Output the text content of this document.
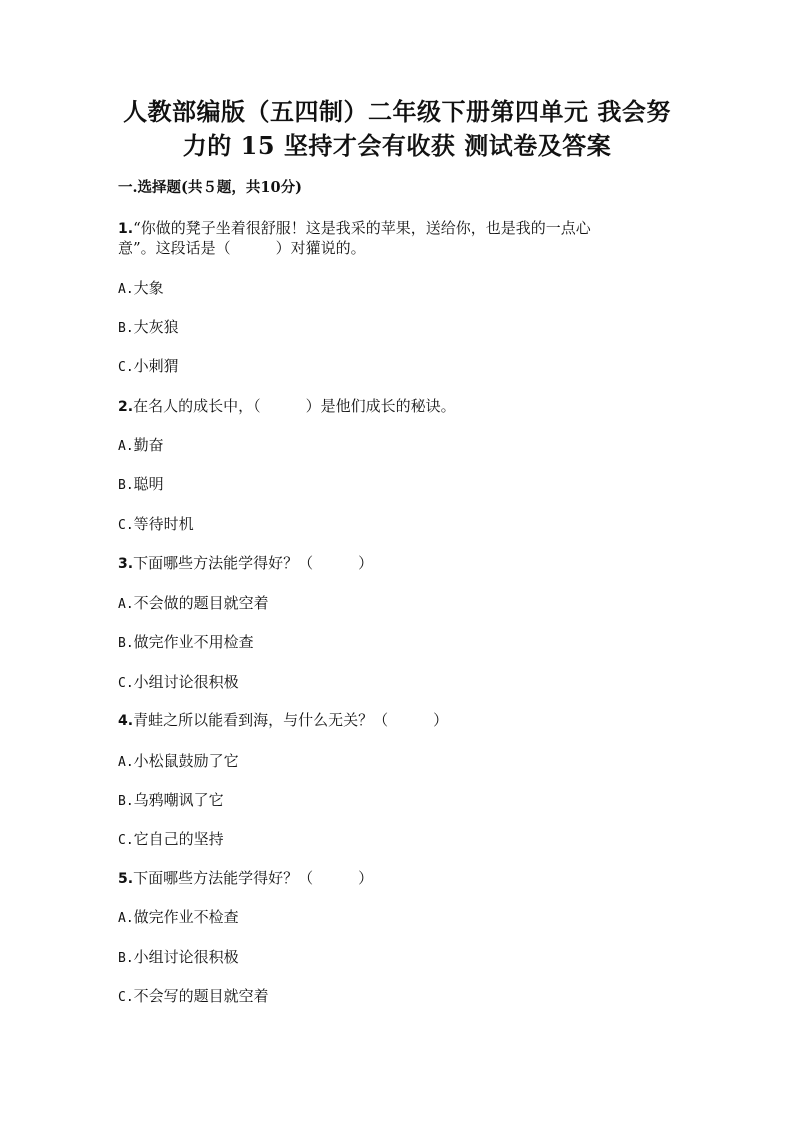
人教部编版（五四制）二年级下册第四单元 我会努
力的 15 坚持才会有收获 测试卷及答案
一.选择题(共５题，共10分)
1.“你做的凳子坐着很舒服！这是我采的苹果，送给你，也是我的一点心
意”。这段话是（　　　）对獾说的。
A.大象
B.大灰狼
C.小刺猬
2.在名人的成长中，（　　　）是他们成长的秘诀。
A.勤奋
B.聪明
C.等待时机
3.下面哪些方法能学得好？（　　　）
A.不会做的题目就空着
B.做完作业不用检查
C.小组讨论很积极
4.青蛙之所以能看到海，与什么无关？（　　　）
A.小松鼠鼓励了它
B.乌鸦嘲讽了它
C.它自己的坚持
5.下面哪些方法能学得好？（　　　）
A.做完作业不检查
B.小组讨论很积极
C.不会写的题目就空着
